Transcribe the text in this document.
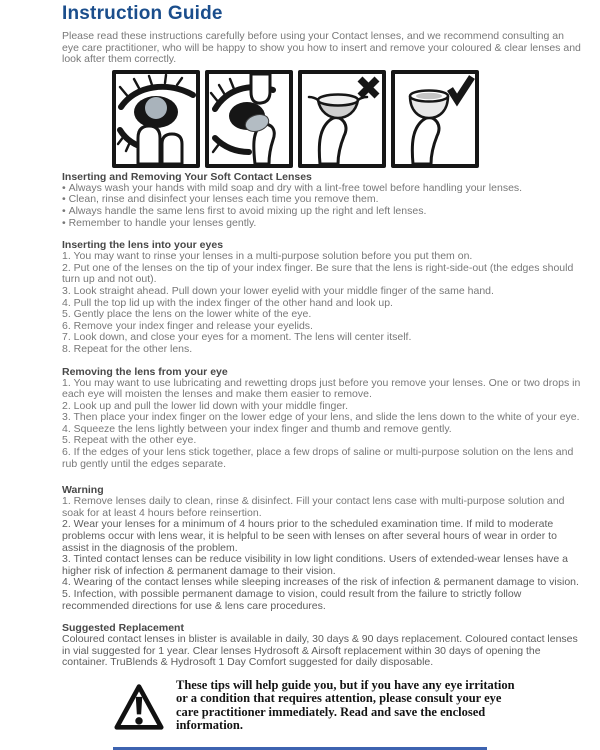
Instruction Guide

Please read these instructions carefully before using your Contact lenses, and we recommend consulting an eye care practitioner, who will be happy to show you how to insert and remove your coloured & clear lenses and look after them correctly.

Inserting and Removing Your Soft Contact Lenses
• Always wash your hands with mild soap and dry with a lint-free towel before handling your lenses.
• Clean, rinse and disinfect your lenses each time you remove them.
• Always handle the same lens first to avoid mixing up the right and left lenses.
• Remember to handle your lenses gently.
Inserting the lens into your eyes
1. You may want to rinse your lenses in a multi-purpose solution before you put them on.
2. Put one of the lenses on the tip of your index finger. Be sure that the lens is right-side-out (the edges should turn up and not out).
3. Look straight ahead. Pull down your lower eyelid with your middle finger of the same hand.
4. Pull the top lid up with the index finger of the other hand and look up.
5. Gently place the lens on the lower white of the eye.
6. Remove your index finger and release your eyelids.
7. Look down, and close your eyes for a moment. The lens will center itself.
8. Repeat for the other lens.
Removing the lens from your eye
1. You may want to use lubricating and rewetting drops just before you remove your lenses. One or two drops in each eye will moisten the lenses and make them easier to remove.
2. Look up and pull the lower lid down with your middle finger.
3. Then place your index finger on the lower edge of your lens, and slide the lens down to the white of your eye.
4. Squeeze the lens lightly between your index finger and thumb and remove gently.
5. Repeat with the other eye.
6. If the edges of your lens stick together, place a few drops of saline or multi-purpose solution on the lens and rub gently until the edges separate.
Warning
1. Remove lenses daily to clean, rinse & disinfect. Fill your contact lens case with multi-purpose solution and soak for at least 4 hours before reinsertion.
2. Wear your lenses for a minimum of 4 hours prior to the scheduled examination time. If mild to moderate problems occur with lens wear, it is helpful to be seen with lenses on after several hours of wear in order to assist in the diagnosis of the problem.
3. Tinted contact lenses can be reduce visibility in low light conditions. Users of extended-wear lenses have a higher risk of infection & permanent damage to their vision.
4. Wearing of the contact lenses while sleeping increases of the risk of infection & permanent damage to vision.
5. Infection, with possible permanent damage to vision, could result from the failure to strictly follow recommended directions for use & lens care procedures.
Suggested Replacement
Coloured contact lenses in blister is available in daily, 30 days & 90 days replacement. Coloured contact lenses in vial suggested for 1 year. Clear lenses Hydrosoft & Airsoft replacement within 30 days of opening the container. TruBlends & Hydrosoft 1 Day Comfort suggested for daily disposable.
These tips will help guide you, but if you have any eye irritation or a condition that requires attention, please consult your eye care practitioner immediately. Read and save the enclosed information.
